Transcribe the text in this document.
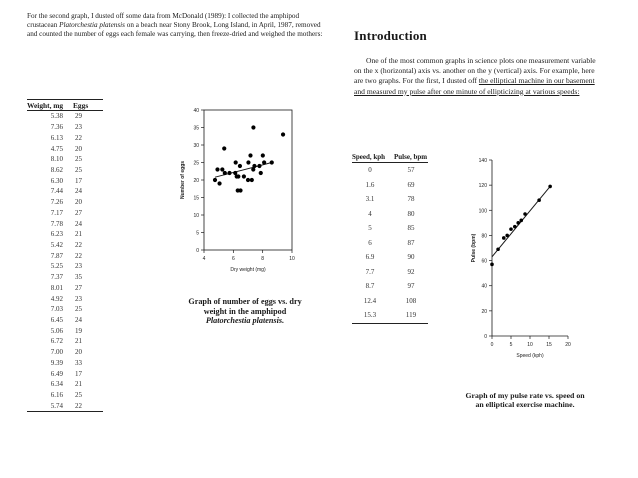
For the second graph, I dusted off some data from McDonald (1989): I collected the amphipod crustacean Platorchestia platensis on a beach near Stony Brook, Long Island, in April, 1987, removed and counted the number of eggs each female was carrying, then freeze-dried and weighed the mothers:
Weight, mg	Eggs
5.38	29
7.36	23
6.13	22
4.75	20
8.10	25
8.62	25
6.30	17
7.44	24
7.26	20
7.17	27
7.78	24
6.23	21
5.42	22
7.87	22
5.25	23
7.37	35
8.01	27
4.92	23
7.03	25
6.45	24
5.06	19
6.72	21
7.00	20
9.39	33
6.49	17
6.34	21
6.16	25
5.74	22
0
5
10
15
20
25
30
35
40
4	6	8	10
Dry weight (mg)
Number of eggs
Graph of number of eggs vs. dry
weight in the amphipod
Platorchestia platensis.
Introduction
One of the most common graphs in science plots one measurement variable on the x (horizontal) axis vs. another on the y (vertical) axis. For example, here are two graphs. For the first, I dusted off the elliptical machine in our basement and measured my pulse after one minute of ellipticizing at various speeds:
Speed, kph	Pulse, bpm
0	57
1.6	69
3.1	78
4	80
5	85
6	87
6.9	90
7.7	92
8.7	97
12.4	108
15.3	119
0
20
40
60
80
100
120
140
0	5	10	15	20
Speed (kph)
Pulse (bpm)
Graph of my pulse rate vs. speed on
an elliptical exercise machine.
